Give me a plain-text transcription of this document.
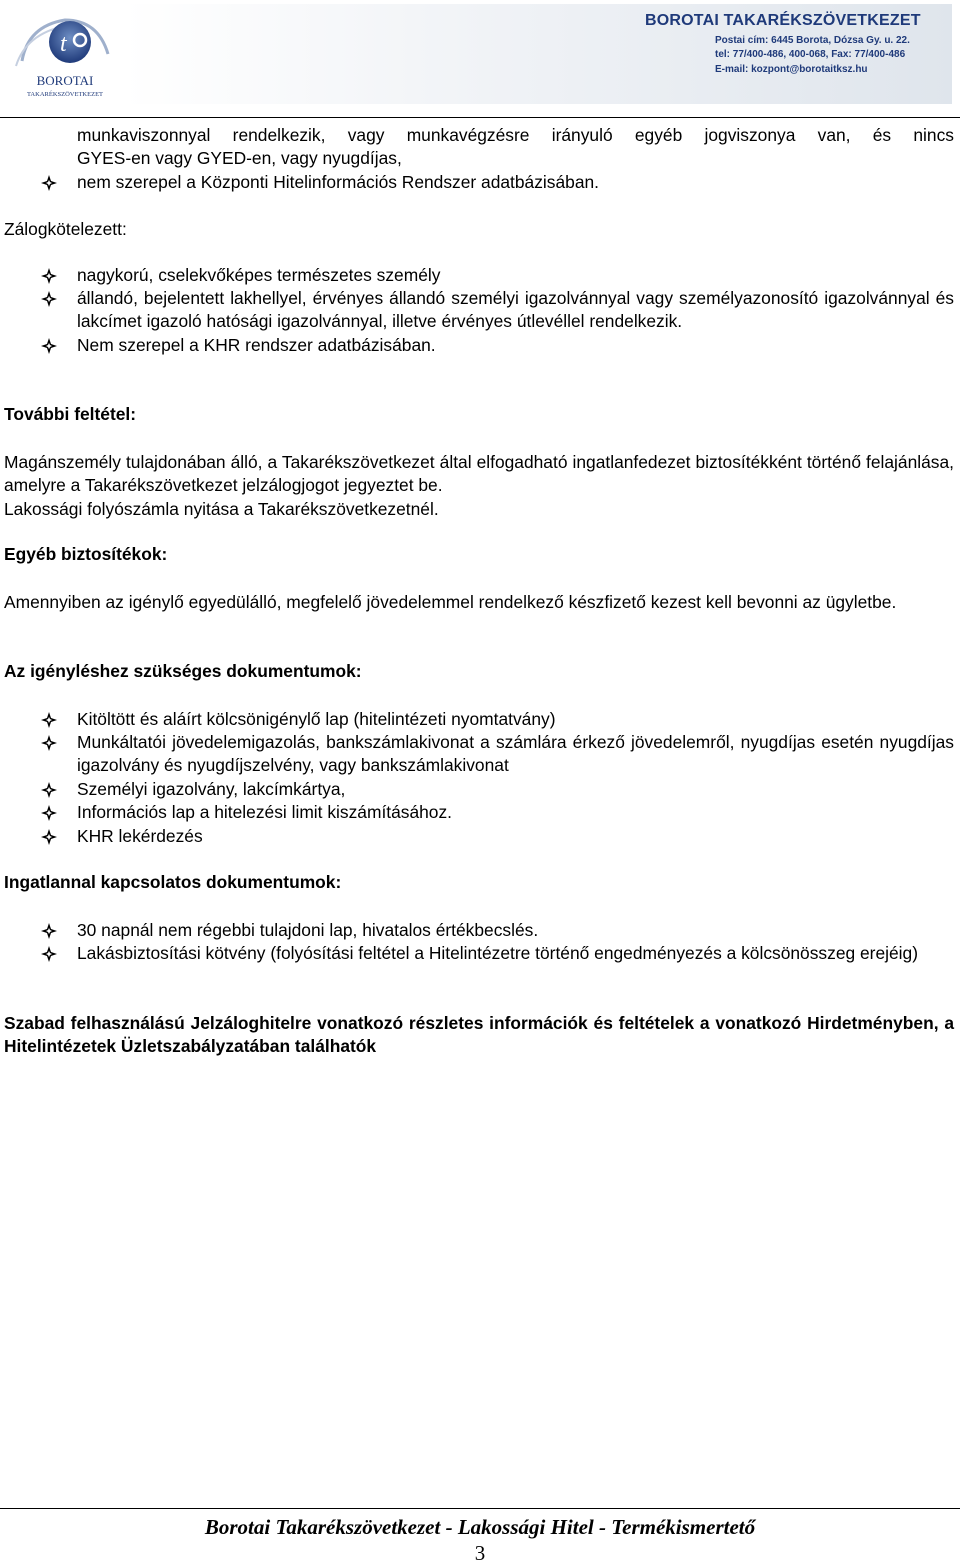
t
BOROTAI
TAKARÉKSZÖVETKEZET
BOROTAI TAKARÉKSZÖVETKEZET
Postai cím: 6445 Borota, Dózsa Gy. u. 22.
tel: 77/400-486, 400-068, Fax: 77/400-486
E-mail: kozpont@borotaitksz.hu
munkaviszonnyal rendelkezik, vagy munkavégzésre irányuló egyéb jogviszonya van, és nincs
GYES-en vagy GYED-en, vagy nyugdíjas,
nem szerepel a Központi Hitelinformációs Rendszer adatbázisában.
Zálogkötelezett:
nagykorú, cselekvőképes természetes személy
állandó, bejelentett lakhellyel, érvényes állandó személyi igazolvánnyal vagy személyazonosító igazolvánnyal és lakcímet igazoló hatósági igazolvánnyal, illetve érvényes útlevéllel rendelkezik.
Nem szerepel a KHR rendszer adatbázisában.
További feltétel:
Magánszemély tulajdonában álló, a Takarékszövetkezet által elfogadható ingatlanfedezet biztosítékként történő felajánlása, amelyre a Takarékszövetkezet jelzálogjogot jegyeztet be.
Lakossági folyószámla nyitása a Takarékszövetkezetnél.
Egyéb biztosítékok:
Amennyiben az igénylő egyedülálló, megfelelő jövedelemmel rendelkező készfizető kezest kell bevonni az ügyletbe.
Az igényléshez szükséges dokumentumok:
Kitöltött és aláírt kölcsönigénylő lap (hitelintézeti nyomtatvány)
Munkáltatói jövedelemigazolás, bankszámlakivonat a számlára érkező jövedelemről, nyugdíjas esetén nyugdíjas igazolvány és nyugdíjszelvény, vagy bankszámlakivonat
Személyi igazolvány, lakcímkártya,
Információs lap a hitelezési limit kiszámításához.
KHR lekérdezés
Ingatlannal kapcsolatos dokumentumok:
30 napnál nem régebbi tulajdoni lap, hivatalos értékbecslés.
Lakásbiztosítási kötvény (folyósítási feltétel a Hitelintézetre történő engedményezés a kölcsönösszeg erejéig)
Szabad felhasználású Jelzáloghitelre vonatkozó részletes információk és feltételek a vonatkozó Hirdetményben, a Hitelintézetek Üzletszabályzatában találhatók
Borotai Takarékszövetkezet - Lakossági Hitel - Termékismertető
3
